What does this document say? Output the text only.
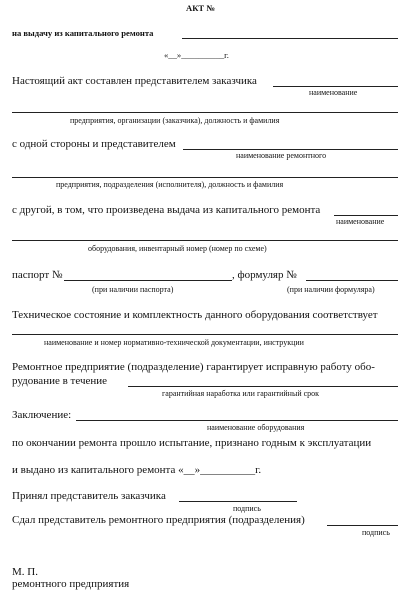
АКТ №
на выдачу из капитального ремонта
«__»__________г.
Настоящий акт составлен представителем заказчика
наименование
предприятия, организации (заказчика), должность и фамилия
с одной стороны и представителем
наименование ремонтного
предприятия, подразделения (исполнителя), должность и фамилия
с другой, в том, что произведена выдача из капитального ремонта
наименование
оборудования, инвентарный номер (номер по схеме)
паспорт №	, формуляр №
(при наличии паспорта)	(при наличии формуляра)
Техническое состояние и комплектность данного оборудования соответствует
наименование и номер нормативно-технической документации, инструкции
Ремонтное предприятие (подразделение) гарантирует исправную работу обо-
рудование в течение
гарантийная наработка или гарантийный срок
Заключение:
наименование оборудования
по окончании ремонта прошло испытание, признано годным к эксплуатации
и выдано из капитального ремонта «__»__________г.
Принял представитель заказчика
подпись
Сдал представитель ремонтного предприятия (подразделения)
подпись
М. П.
ремонтного предприятия
